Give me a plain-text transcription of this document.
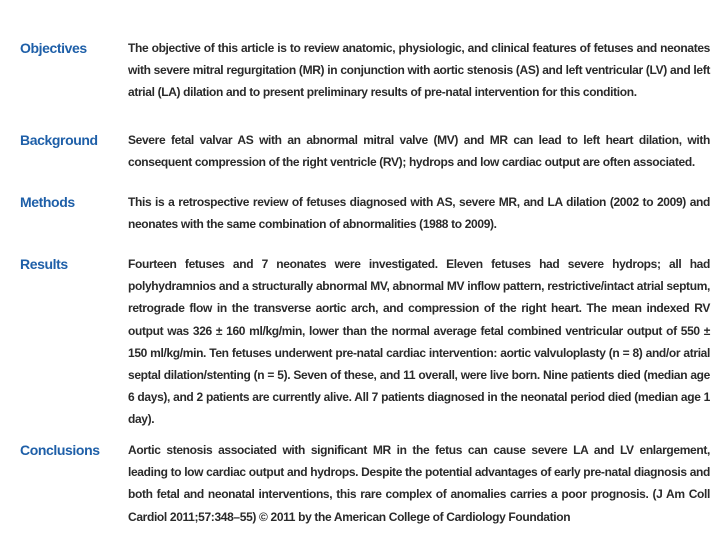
Objectives	The objective of this article is to review anatomic, physiologic, and clinical features of fetuses and neonates with severe mitral regurgitation (MR) in conjunction with aortic stenosis (AS) and left ventricular (LV) and left atrial (LA) dilation and to present preliminary results of pre-natal intervention for this condition.
Background	Severe fetal valvar AS with an abnormal mitral valve (MV) and MR can lead to left heart dilation, with consequent compression of the right ventricle (RV); hydrops and low cardiac output are often associated.
Methods	This is a retrospective review of fetuses diagnosed with AS, severe MR, and LA dilation (2002 to 2009) and neonates with the same combination of abnormalities (1988 to 2009).
Results	Fourteen fetuses and 7 neonates were investigated. Eleven fetuses had severe hydrops; all had polyhydramnios and a structurally abnormal MV, abnormal MV inflow pattern, restrictive/intact atrial septum, retrograde flow in the transverse aortic arch, and compression of the right heart. The mean indexed RV output was 326 ± 160 ml/kg/min, lower than the normal average fetal combined ventricular output of 550 ± 150 ml/kg/min. Ten fetuses underwent pre-natal cardiac intervention: aortic valvuloplasty (n = 8) and/or atrial septal dilation/stenting (n = 5). Seven of these, and 11 overall, were live born. Nine patients died (median age 6 days), and 2 patients are currently alive. All 7 patients diagnosed in the neonatal period died (median age 1 day).
Conclusions	Aortic stenosis associated with significant MR in the fetus can cause severe LA and LV enlargement, leading to low cardiac output and hydrops. Despite the potential advantages of early pre-natal diagnosis and both fetal and neonatal interventions, this rare complex of anomalies carries a poor prognosis. (J Am Coll Cardiol 2011;57:348–55) © 2011 by the American College of Cardiology Foundation
